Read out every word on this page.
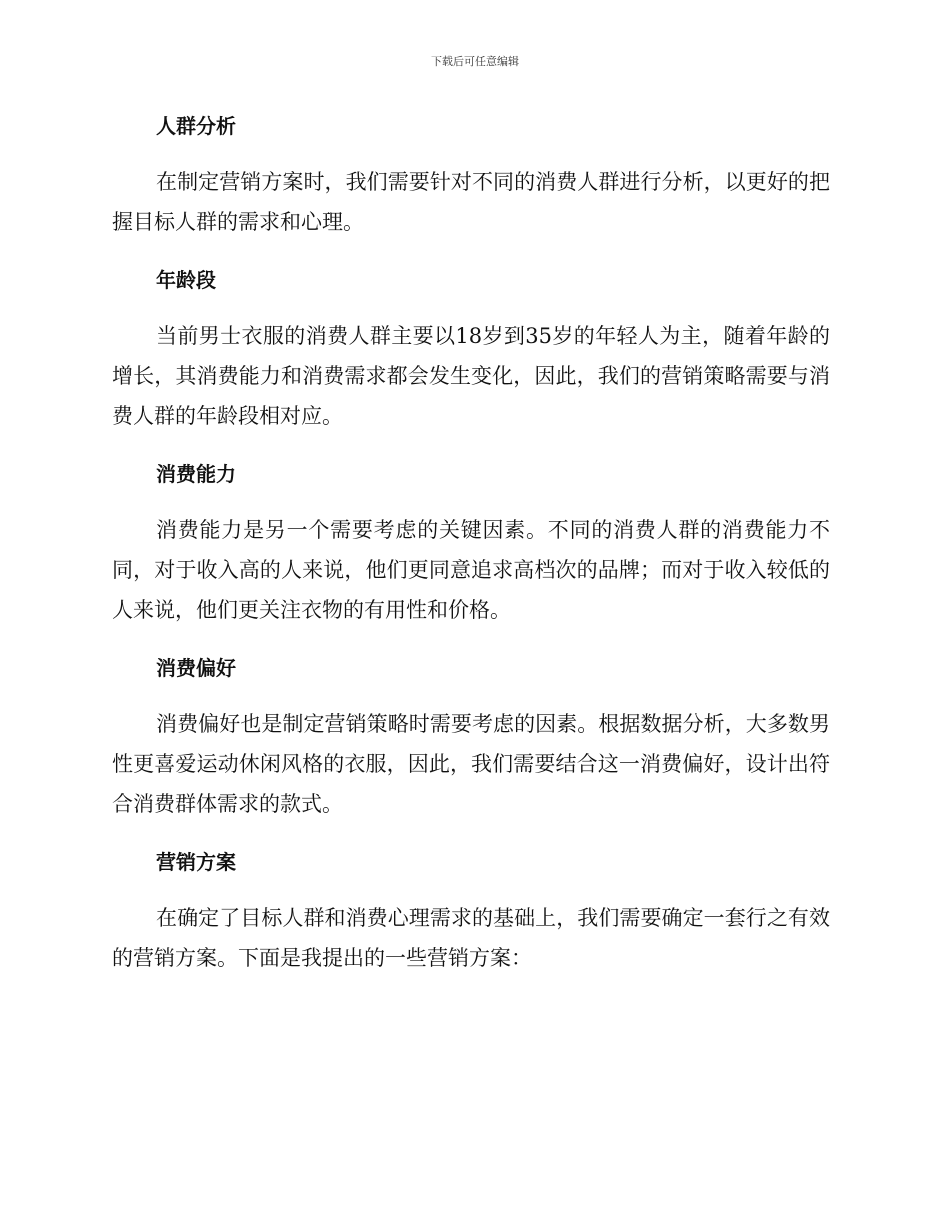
下载后可任意编辑
人群分析

在制定营销方案时，我们需要针对不同的消费人群进行分析，以更好的把握目标人群的需求和心理。

年龄段

当前男士衣服的消费人群主要以18岁到35岁的年轻人为主，随着年龄的增长，其消费能力和消费需求都会发生变化，因此，我们的营销策略需要与消费人群的年龄段相对应。

消费能力

消费能力是另一个需要考虑的关键因素。不同的消费人群的消费能力不同，对于收入高的人来说，他们更同意追求高档次的品牌；而对于收入较低的人来说，他们更关注衣物的有用性和价格。

消费偏好

消费偏好也是制定营销策略时需要考虑的因素。根据数据分析，大多数男性更喜爱运动休闲风格的衣服，因此，我们需要结合这一消费偏好，设计出符合消费群体需求的款式。

营销方案

在确定了目标人群和消费心理需求的基础上，我们需要确定一套行之有效的营销方案。下面是我提出的一些营销方案：
